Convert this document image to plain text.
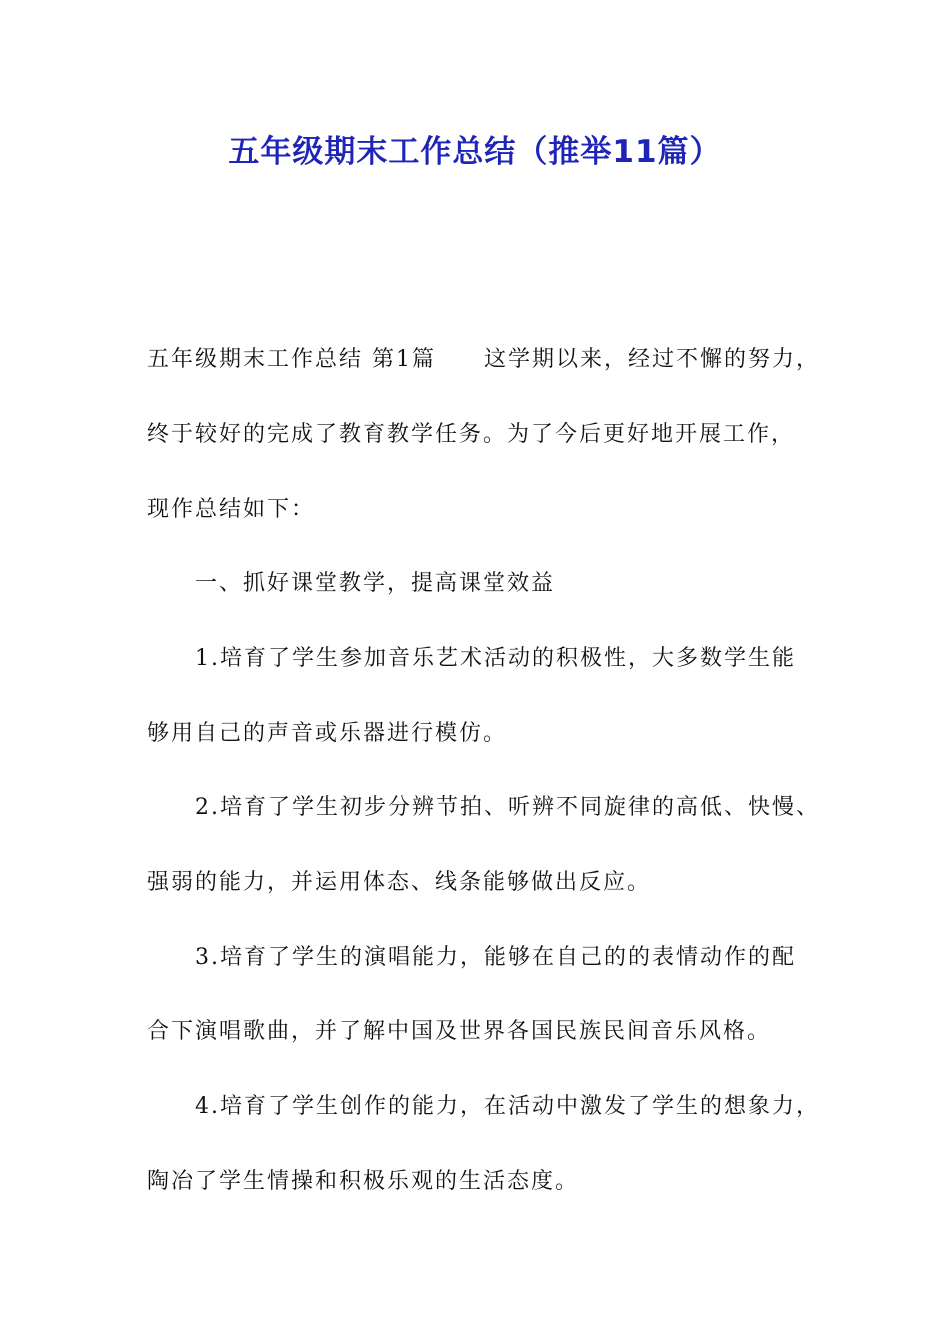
五年级期末工作总结（推举11篇）
五年级期末工作总结 第1篇 这学期以来，经过不懈的努力，
终于较好的完成了教育教学任务。为了今后更好地开展工作，
现作总结如下：
一、抓好课堂教学，提高课堂效益
1.培育了学生参加音乐艺术活动的积极性，大多数学生能
够用自己的声音或乐器进行模仿。
2.培育了学生初步分辨节拍、听辨不同旋律的高低、快慢、
强弱的能力，并运用体态、线条能够做出反应。
3.培育了学生的演唱能力，能够在自己的的表情动作的配
合下演唱歌曲，并了解中国及世界各国民族民间音乐风格。
4.培育了学生创作的能力，在活动中激发了学生的想象力，
陶冶了学生情操和积极乐观的生活态度。
